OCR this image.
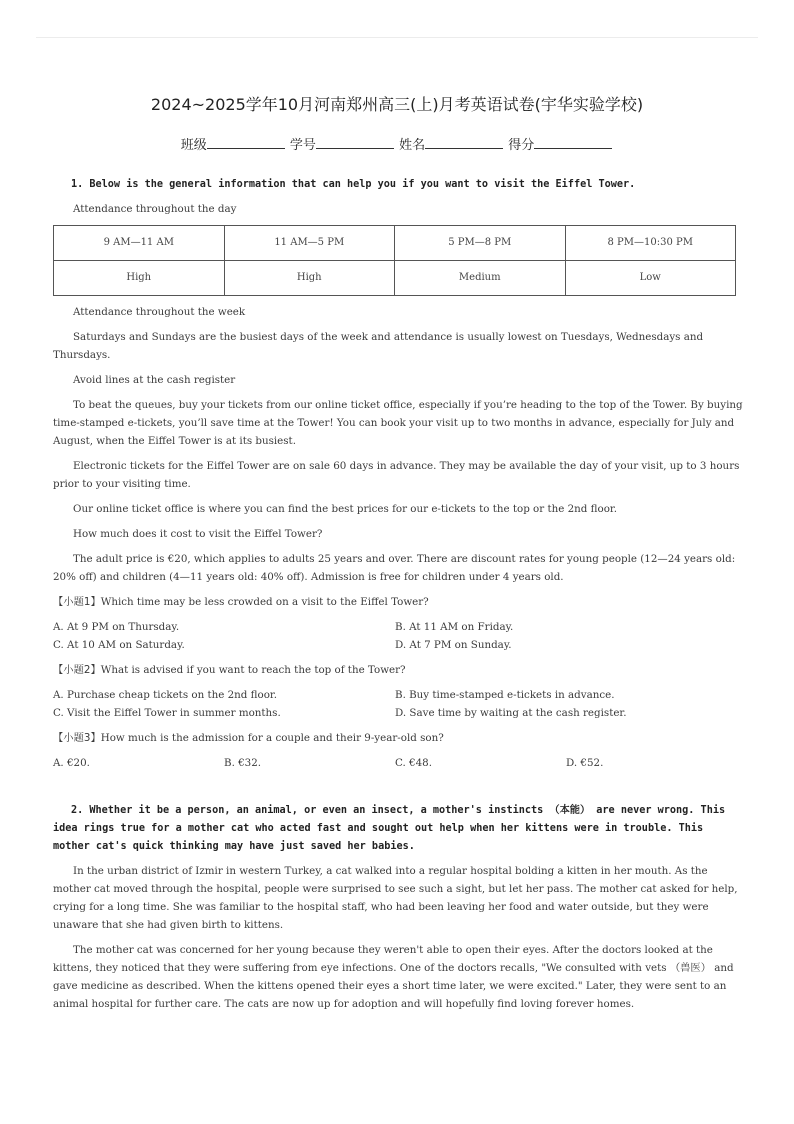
2024~2025学年10月河南郑州高三(上)月考英语试卷(宇华实验学校)
班级	学号	姓名	得分
1. Below is the general information that can help you if you want to visit the Eiffel Tower.
Attendance throughout the day
9 AM—11 AM	11 AM—5 PM	5 PM—8 PM	8 PM—10:30 PM
High	High	Medium	Low
Attendance throughout the week
Saturdays and Sundays are the busiest days of the week and attendance is usually lowest on Tuesdays, Wednesdays and Thursdays.
Avoid lines at the cash register
To beat the queues, buy your tickets from our online ticket office, especially if you’re heading to the top of the Tower. By buying time-stamped e-tickets, you’ll save time at the Tower! You can book your visit up to two months in advance, especially for July and August, when the Eiffel Tower is at its busiest.
Electronic tickets for the Eiffel Tower are on sale 60 days in advance. They may be available the day of your visit, up to 3 hours prior to your visiting time.
Our online ticket office is where you can find the best prices for our e-tickets to the top or the 2nd floor.
How much does it cost to visit the Eiffel Tower?
The adult price is €20, which applies to adults 25 years and over. There are discount rates for young people (12—24 years old: 20% off) and children (4—11 years old: 40% off). Admission is free for children under 4 years old.
【小题1】Which time may be less crowded on a visit to the Eiffel Tower?
A. At 9 PM on Thursday.	B. At 11 AM on Friday.
C. At 10 AM on Saturday.	D. At 7 PM on Sunday.
【小题2】What is advised if you want to reach the top of the Tower?
A. Purchase cheap tickets on the 2nd floor.	B. Buy time-stamped e-tickets in advance.
C. Visit the Eiffel Tower in summer months.	D. Save time by waiting at the cash register.
【小题3】How much is the admission for a couple and their 9-year-old son?
A. €20.	B. €32.	C. €48.	D. €52.
2. Whether it be a person, an animal, or even an insect, a mother's instincts （本能） are never wrong. This idea rings true for a mother cat who acted fast and sought out help when her kittens were in trouble. This mother cat's quick thinking may have just saved her babies.
In the urban district of Izmir in western Turkey, a cat walked into a regular hospital bolding a kitten in her mouth. As the mother cat moved through the hospital, people were surprised to see such a sight, but let her pass. The mother cat asked for help, crying for a long time. She was familiar to the hospital staff, who had been leaving her food and water outside, but they were unaware that she had given birth to kittens.
The mother cat was concerned for her young because they weren't able to open their eyes. After the doctors looked at the kittens, they noticed that they were suffering from eye infections. One of the doctors recalls, "We consulted with vets （兽医） and gave medicine as described. When the kittens opened their eyes a short time later, we were excited." Later, they were sent to an animal hospital for further care. The cats are now up for adoption and will hopefully find loving forever homes.
